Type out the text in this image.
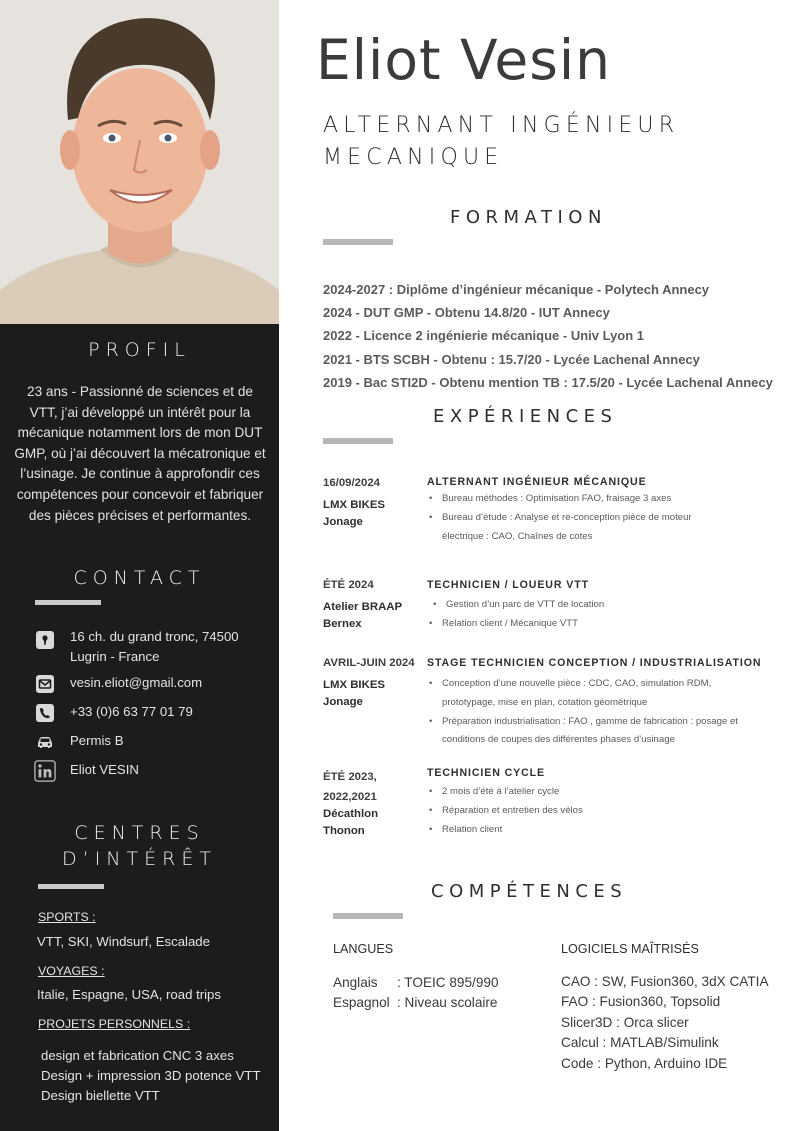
PROFIL
23 ans - Passionné de sciences et de VTT, j’ai développé un intérêt pour la mécanique notamment lors de mon DUT GMP, où j’ai découvert la mécatronique et l’usinage. Je continue à approfondir ces compétences pour concevoir et fabriquer des pièces précises et performantes.
CONTACT
16 ch. du grand tronc, 74500
Lugrin - France
vesin.eliot@gmail.com
+33 (0)6 63 77 01 79
Permis B
Eliot VESIN
CENTRES
D’INTÉRÊT
SPORTS :
VTT, SKI, Windsurf, Escalade
VOYAGES :
Italie, Espagne, USA, road trips
PROJETS PERSONNELS :
design et fabrication CNC 3 axes
Design + impression 3D potence VTT
Design biellette VTT
Eliot Vesin
ALTERNANT INGÉNIEUR
MECANIQUE
FORMATION
2024-2027 : Diplôme d’ingénieur mécanique - Polytech Annecy
2024 - DUT GMP - Obtenu 14.8/20 - IUT Annecy
2022 - Licence 2 ingénierie mécanique - Univ Lyon 1
2021 - BTS SCBH - Obtenu : 15.7/20 - Lycée Lachenal Annecy
2019 - Bac STI2D - Obtenu mention TB : 17.5/20 - Lycée Lachenal Annecy
EXPÉRIENCES
16/09/2024
LMX BIKES
Jonage
ALTERNANT INGÉNIEUR MÉCANIQUE
• Bureau méthodes : Optimisation FAO, fraisage 3 axes
• Bureau d’étude : Analyse et re-conception pièce de moteur électrique : CAO, Chaînes de cotes
ÉTÉ 2024
Atelier BRAAP
Bernex
TECHNICIEN / LOUEUR VTT
• Gestion d’un parc de VTT de location
• Relation client / Mécanique VTT
AVRIL-JUIN 2024
LMX BIKES
Jonage
STAGE TECHNICIEN CONCEPTION / INDUSTRIALISATION
• Conception d’une nouvelle pièce : CDC, CAO, simulation RDM, prototypage, mise en plan, cotation géométrique
• Préparation industrialisation : FAO , gamme de fabrication : posage et conditions de coupes des différentes phases d’usinage
ÉTÉ 2023,
2022,2021
Décathlon
Thonon
TECHNICIEN CYCLE
• 2 mois d’été à l’atelier cycle
• Réparation et entretien des vélos
• Relation client
COMPÉTENCES
LANGUES
Anglais : TOEIC 895/990
Espagnol : Niveau scolaire
LOGICIELS MAÎTRISÉS
CAO : SW, Fusion360, 3dX CATIA
FAO : Fusion360, Topsolid
Slicer3D : Orca slicer
Calcul : MATLAB/Simulink
Code : Python, Arduino IDE
